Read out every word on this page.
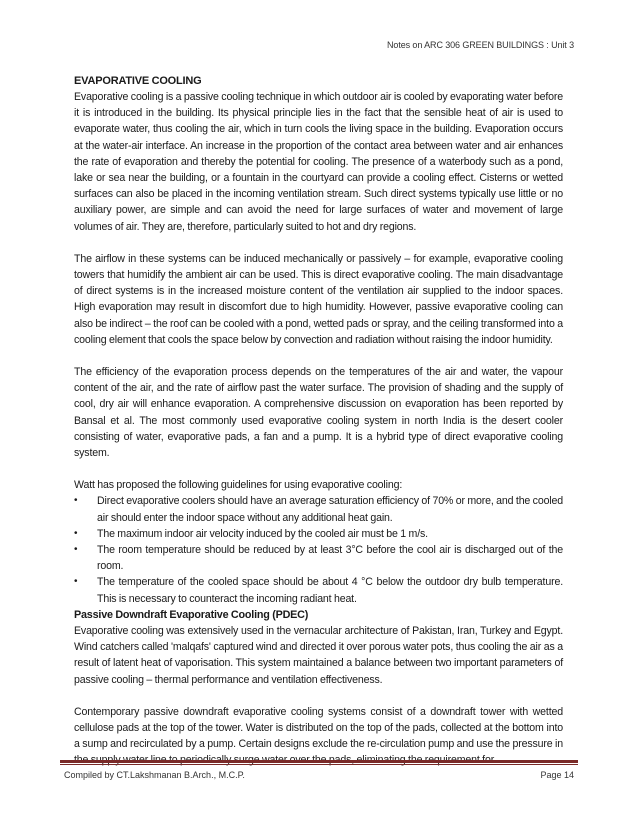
Notes on ARC 306 GREEN BUILDINGS : Unit 3
EVAPORATIVE COOLING

Evaporative cooling is a passive cooling technique in which outdoor air is cooled by evaporating water before it is introduced in the building. Its physical principle lies in the fact that the sensible heat of air is used to evaporate water, thus cooling the air, which in turn cools the living space in the building. Evaporation occurs at the water-air interface. An increase in the proportion of the contact area between water and air enhances the rate of evaporation and thereby the potential for cooling. The presence of a waterbody such as a pond, lake or sea near the building, or a fountain in the courtyard can provide a cooling effect. Cisterns or wetted surfaces can also be placed in the incoming ventilation stream. Such direct systems typically use little or no auxiliary power, are simple and can avoid the need for large surfaces of water and movement of large volumes of air. They are, therefore, particularly suited to hot and dry regions.

The airflow in these systems can be induced mechanically or passively – for example, evaporative cooling towers that humidify the ambient air can be used. This is direct evaporative cooling. The main disadvantage of direct systems is in the increased moisture content of the ventilation air supplied to the indoor spaces. High evaporation may result in discomfort due to high humidity. However, passive evaporative cooling can also be indirect – the roof can be cooled with a pond, wetted pads or spray, and the ceiling transformed into a cooling element that cools the space below by convection and radiation without raising the indoor humidity.

The efficiency of the evaporation process depends on the temperatures of the air and water, the vapour content of the air, and the rate of airflow past the water surface. The provision of shading and the supply of cool, dry air will enhance evaporation. A comprehensive discussion on evaporation has been reported by Bansal et al. The most commonly used evaporative cooling system in north India is the desert cooler consisting of water, evaporative pads, a fan and a pump. It is a hybrid type of direct evaporative cooling system.

Watt has proposed the following guidelines for using evaporative cooling:

• Direct evaporative coolers should have an average saturation efficiency of 70% or more, and the cooled air should enter the indoor space without any additional heat gain.
• The maximum indoor air velocity induced by the cooled air must be 1 m/s.
• The room temperature should be reduced by at least 3°C before the cool air is discharged out of the room.
• The temperature of the cooled space should be about 4 °C below the outdoor dry bulb temperature. This is necessary to counteract the incoming radiant heat.
Passive Downdraft Evaporative Cooling (PDEC)

Evaporative cooling was extensively used in the vernacular architecture of Pakistan, Iran, Turkey and Egypt. Wind catchers called 'malqafs' captured wind and directed it over porous water pots, thus cooling the air as a result of latent heat of vaporisation. This system maintained a balance between two important parameters of passive cooling – thermal performance and ventilation effectiveness.

Contemporary passive downdraft evaporative cooling systems consist of a downdraft tower with wetted cellulose pads at the top of the tower. Water is distributed on the top of the pads, collected at the bottom into a sump and recirculated by a pump. Certain designs exclude the re-circulation pump and use the pressure in

Compiled by CT.Lakshmanan B.Arch., M.C.P.	Page 14
